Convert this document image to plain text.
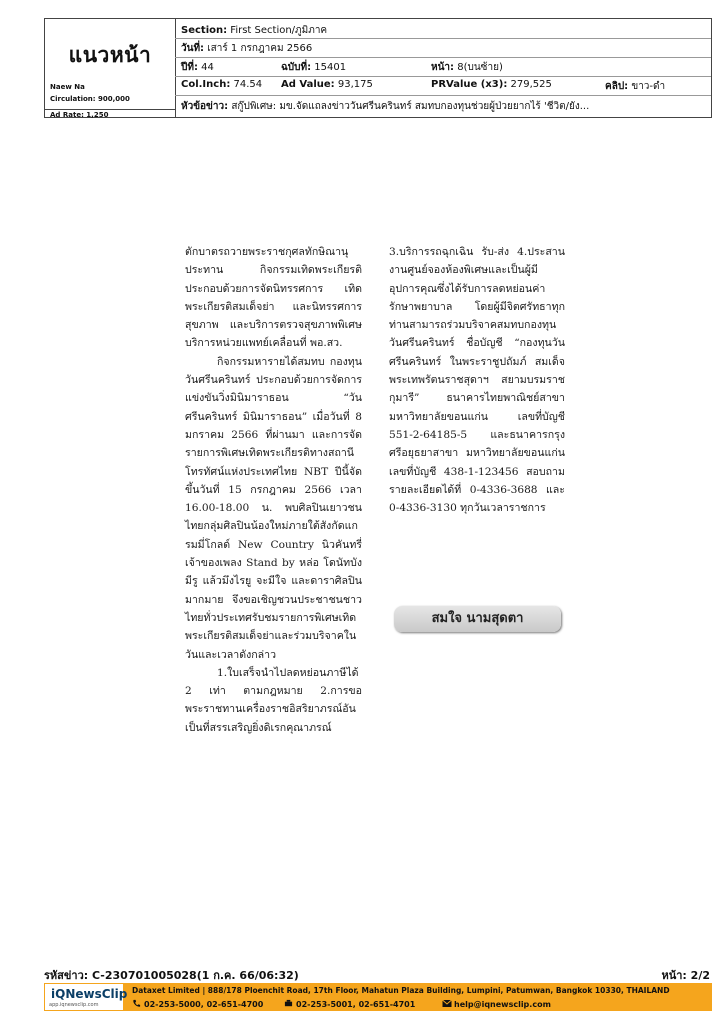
แนวหน้า
Naew Na
Circulation: 900,000
Ad Rate: 1,250
Section: First Section/ภูมิภาค
วันที่: เสาร์ 1 กรกฎาคม 2566
ปีที่: 44	ฉบับที่: 15401	หน้า: 8(บนซ้าย)
Col.Inch: 74.54 Ad Value: 93,175	PRValue (x3): 279,525	คลิป: ขาว-ดำ
หัวข้อข่าว: สกู๊ปพิเศษ: มข.จัดแถลงข่าววันศรีนครินทร์ สมทบกองทุนช่วยผู้ป่วยยากไร้ 'ชีวิต/ยัง...

ตักบาตรถวายพระราชกุศลทักษิณานุประทาน กิจกรรมเทิดพระเกียรติ ประกอบด้วยการจัดนิทรรศการ เทิดพระเกียรติสมเด็จย่า และนิทรรศการสุขภาพ และบริการตรวจสุขภาพพิเศษบริการหน่วยแพทย์เคลื่อนที่ พอ.สว.

กิจกรรมหารายได้สมทบ กองทุนวันศรีนครินทร์ ประกอบด้วยการจัดการแข่งขันวิ่งมินิมาราธอน “วันศรีนครินทร์ มินิมาราธอน” เมื่อวันที่ 8 มกราคม 2566 ที่ผ่านมา และการจัดรายการพิเศษเทิดพระเกียรติทางสถานีโทรทัศน์แห่งประเทศไทย NBT ปีนี้จัดขึ้นวันที่ 15 กรกฎาคม 2566 เวลา 16.00-18.00 น. พบศิลปินเยาวชนไทยกลุ่มศิลปินน้องใหม่ภายใต้สังกัดแกรมมี่โกลด์ New Country นิวคันทรี่ เจ้าของเพลง Stand by หล่อ โดนัทบังมีรู แล้วมึงไรยู จะมีใจ และดาราศิลปินมากมาย จึงขอเชิญชวนประชาชนชาวไทยทั่วประเทศรับชมรายการพิเศษเทิดพระเกียรติสมเด็จย่าและร่วมบริจาคในวันและเวลาดังกล่าว

1.ใบเสร็จนำไปลดหย่อนภาษีได้ 2 เท่า ตามกฎหมาย 2.การขอพระราชทานเครื่องราชอิสริยาภรณ์อันเป็นที่สรรเสริญยิ่งดิเรกคุณาภรณ์

3.บริการรถฉุกเฉิน รับ-ส่ง 4.ประสานงานศูนย์จองห้องพิเศษและเป็นผู้มีอุปการคุณซึ่งได้รับการลดหย่อนค่ารักษาพยาบาล โดยผู้มีจิตศรัทธาทุกท่านสามารถร่วมบริจาคสมทบกองทุนวันศรีนครินทร์ ชื่อบัญชี “กองทุนวันศรีนครินทร์ ในพระราชูปถัมภ์ สมเด็จพระเทพรัตนราชสุดาฯ สยามบรมราชกุมารี” ธนาคารไทยพาณิชย์สาขา มหาวิทยาลัยขอนแก่น เลขที่บัญชี 551-2-64185-5 และธนาคารกรุงศรีอยุธยาสาขา มหาวิทยาลัยขอนแก่น เลขที่บัญชี 438-1-123456 สอบถามรายละเอียดได้ที่ 0-4336-3688 และ 0-4336-3130 ทุกวันเวลาราชการ

สมใจ นามสุดตา
รหัสข่าว: C-230701005028(1 ก.ค. 66/06:32)	หน้า: 2/2
iQNewsClip
app.iqnewsclip.com
Dataxet Limited | 888/178 Ploenchit Road, 17th Floor, Mahatun Plaza Building, Lumpini, Patumwan, Bangkok 10330, THAILAND
02-253-5000, 02-651-4700	02-253-5001, 02-651-4701	help@iqnewsclip.com
